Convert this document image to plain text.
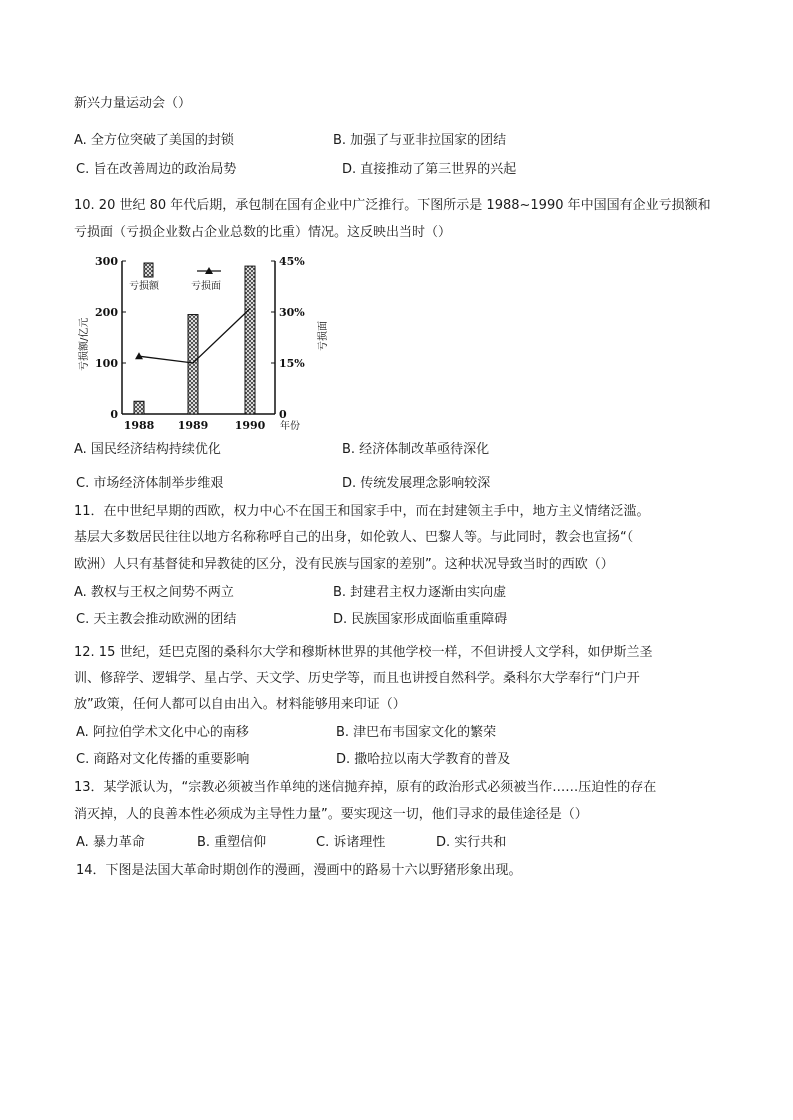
新兴力量运动会（）
A. 全方位突破了美国的封锁	B. 加强了与亚非拉国家的团结
C. 旨在改善周边的政治局势	D. 直接推动了第三世界的兴起
10. 20 世纪 80 年代后期，承包制在国有企业中广泛推行。下图所示是 1988~1990 年中国国有企业亏损额和
亏损面（亏损企业数占企业总数的比重）情况。这反映出当时（）
0
100
200
300
0
15%
30%
45%
1988 1989 1990
亏损额	亏损面
亏损额/亿元	亏损面
年份
A. 国民经济结构持续优化	B. 经济体制改革亟待深化
C. 市场经济体制举步维艰	D. 传统发展理念影响较深
11．在中世纪早期的西欧，权力中心不在国王和国家手中，而在封建领主手中，地方主义情绪泛滥。
基层大多数居民往往以地方名称称呼自己的出身，如伦敦人、巴黎人等。与此同时，教会也宣扬“（
欧洲）人只有基督徒和异教徒的区分，没有民族与国家的差别”。这种状况导致当时的西欧（）
A. 教权与王权之间势不两立	B. 封建君主权力逐渐由实向虚
C. 天主教会推动欧洲的团结	D. 民族国家形成面临重重障碍
12. 15 世纪，廷巴克图的桑科尔大学和穆斯林世界的其他学校一样，不但讲授人文学科，如伊斯兰圣
训、修辞学、逻辑学、星占学、天文学、历史学等，而且也讲授自然科学。桑科尔大学奉行“门户开
放”政策，任何人都可以自由出入。材料能够用来印证（）
A. 阿拉伯学术文化中心的南移	B. 津巴布韦国家文化的繁荣
C. 商路对文化传播的重要影响	D. 撒哈拉以南大学教育的普及
13．某学派认为，“宗教必须被当作单纯的迷信抛弃掉，原有的政治形式必须被当作……压迫性的存在
消灭掉，人的良善本性必须成为主导性力量”。要实现这一切，他们寻求的最佳途径是（）
A. 暴力革命	B. 重塑信仰	C. 诉诸理性	D. 实行共和
14．下图是法国大革命时期创作的漫画，漫画中的路易十六以野猪形象出现。
